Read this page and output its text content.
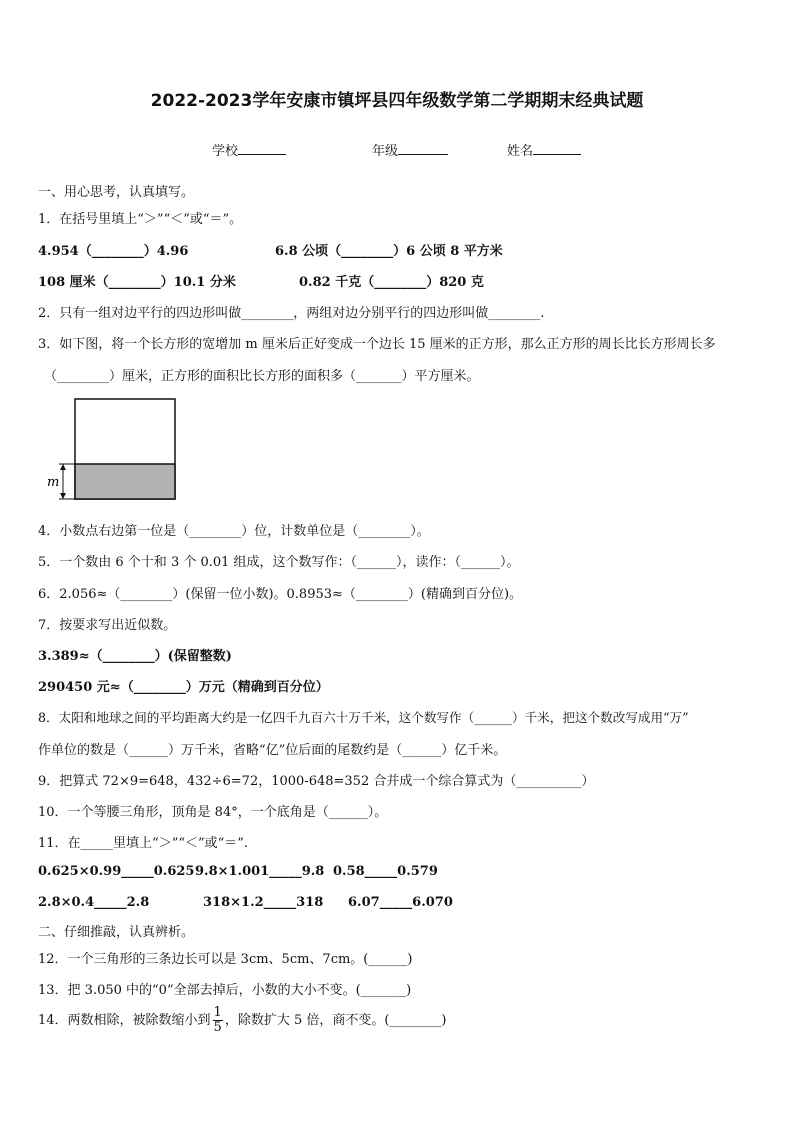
2022-2023学年安康市镇坪县四年级数学第二学期期末经典试题
学校	年级	姓名
一、用心思考，认真填写。
1．在括号里填上“＞”“＜”或“＝”。
4.954（________）4.96	6.8 公顷（________）6 公顷 8 平方米
108 厘米（________）10.1 分米	0.82 千克（________）820 克
2．只有一组对边平行的四边形叫做________，两组对边分别平行的四边形叫做________.
3．如下图，将一个长方形的宽增加 m 厘米后正好变成一个边长 15 厘米的正方形，那么正方形的周长比长方形周长多
（________）厘米，正方形的面积比长方形的面积多（_______）平方厘米。
m
4．小数点右边第一位是（________）位，计数单位是（________）。
5．一个数由 6 个十和 3 个 0.01 组成，这个数写作：（______），读作：（______）。
6．2.056≈（________）(保留一位小数)。0.8953≈（________）(精确到百分位)。
7．按要求写出近似数。
3.389≈（________）(保留整数)
290450 元≈（________）万元（精确到百分位）
8．太阳和地球之间的平均距离大约是一亿四千九百六十万千米，这个数写作（______）千米，把这个数改写成用“万”
作单位的数是（______）万千米，省略“亿”位后面的尾数约是（______）亿千米。
9．把算式 72×9=648，432÷6=72，1000-648=352 合并成一个综合算式为（__________）
10．一个等腰三角形，顶角是 84°，一个底角是（______）。
11．在_____里填上“＞”“＜”或“＝”.
0.625×0.99_____0.625 9.8×1.001_____9.8 0.58_____0.579
2.8×0.4_____2.8	318×1.2_____318 6.07_____6.070
二、仔细推敲，认真辨析。
12．一个三角形的三条边长可以是 3cm、5cm、7cm。(______)
13．把 3.050 中的“0”全部去掉后，小数的大小不变。(_______)
14．两数相除，被除数缩小到 $\frac{1}{5}$ ，除数扩大 5 倍，商不变。(________)
